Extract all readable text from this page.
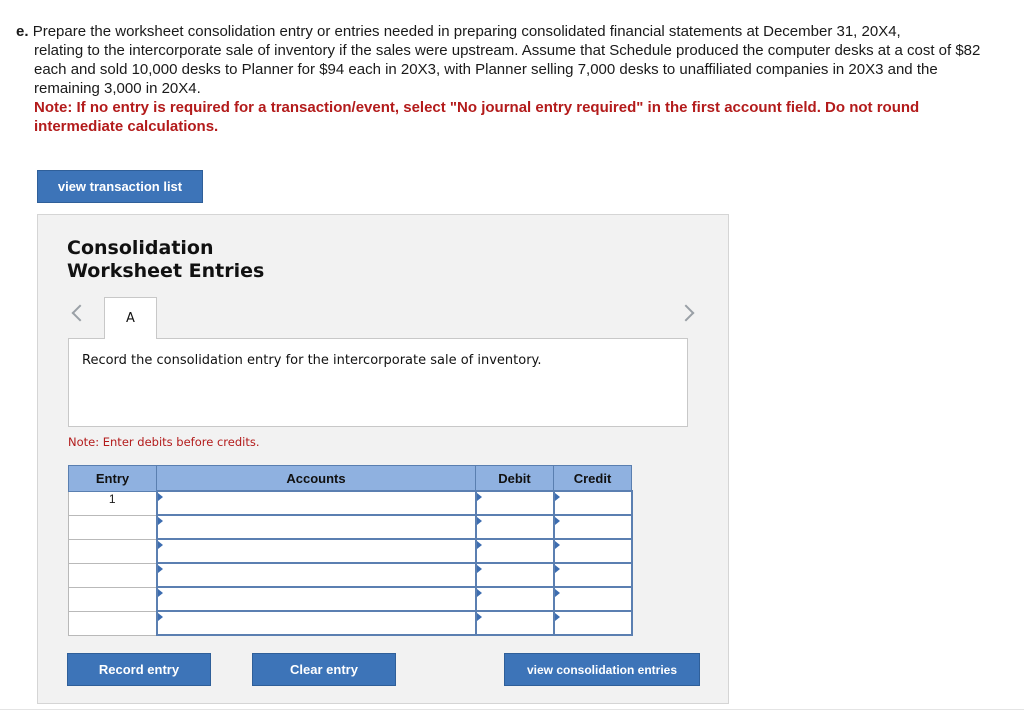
e. Prepare the worksheet consolidation entry or entries needed in preparing consolidated financial statements at December 31, 20X4,
relating to the intercorporate sale of inventory if the sales were upstream. Assume that Schedule produced the computer desks at a cost of $82 each and sold 10,000 desks to Planner for $94 each in 20X3, with Planner selling 7,000 desks to unaffiliated companies in 20X3 and the remaining 3,000 in 20X4.
Note: If no entry is required for a transaction/event, select "No journal entry required" in the first account field. Do not round intermediate calculations.
view transaction list
Consolidation
Worksheet Entries
A
Record the consolidation entry for the intercorporate sale of inventory.
Note: Enter debits before credits.
Entry	Accounts	Debit	Credit
1	

Record entry	Clear entry	view consolidation entries
